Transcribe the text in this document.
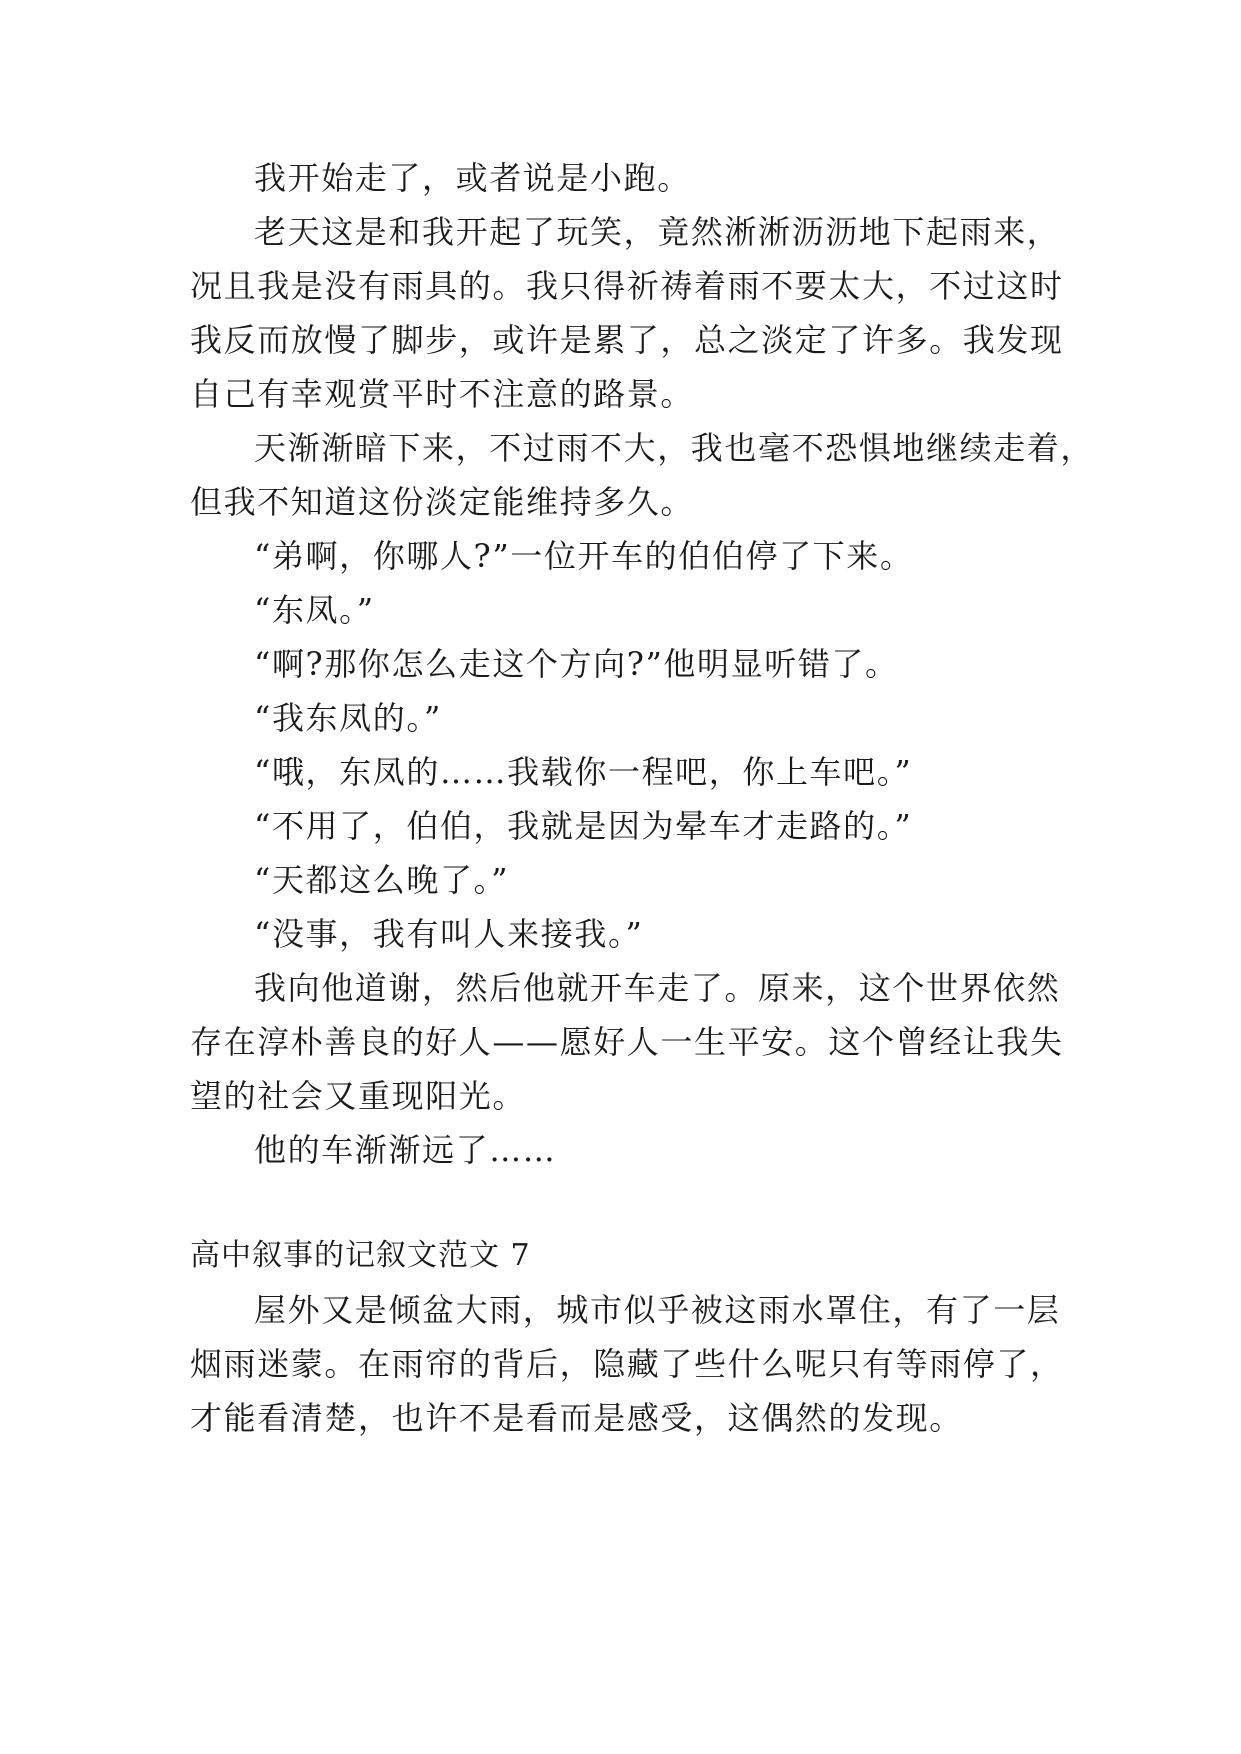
我开始走了，或者说是小跑。
老天这是和我开起了玩笑，竟然淅淅沥沥地下起雨来，
况且我是没有雨具的。我只得祈祷着雨不要太大，不过这时
我反而放慢了脚步，或许是累了，总之淡定了许多。我发现
自己有幸观赏平时不注意的路景。
天渐渐暗下来，不过雨不大，我也毫不恐惧地继续走着，
但我不知道这份淡定能维持多久。
“弟啊，你哪人?”一位开车的伯伯停了下来。
“东凤。”
“啊?那你怎么走这个方向?”他明显听错了。
“我东凤的。”
“哦，东凤的……我载你一程吧，你上车吧。”
“不用了，伯伯，我就是因为晕车才走路的。”
“天都这么晚了。”
“没事，我有叫人来接我。”
我向他道谢，然后他就开车走了。原来，这个世界依然
存在淳朴善良的好人——愿好人一生平安。这个曾经让我失
望的社会又重现阳光。
他的车渐渐远了……
高中叙事的记叙文范文 7
屋外又是倾盆大雨，城市似乎被这雨水罩住，有了一层
烟雨迷蒙。在雨帘的背后，隐藏了些什么呢只有等雨停了，
才能看清楚，也许不是看而是感受，这偶然的发现。
